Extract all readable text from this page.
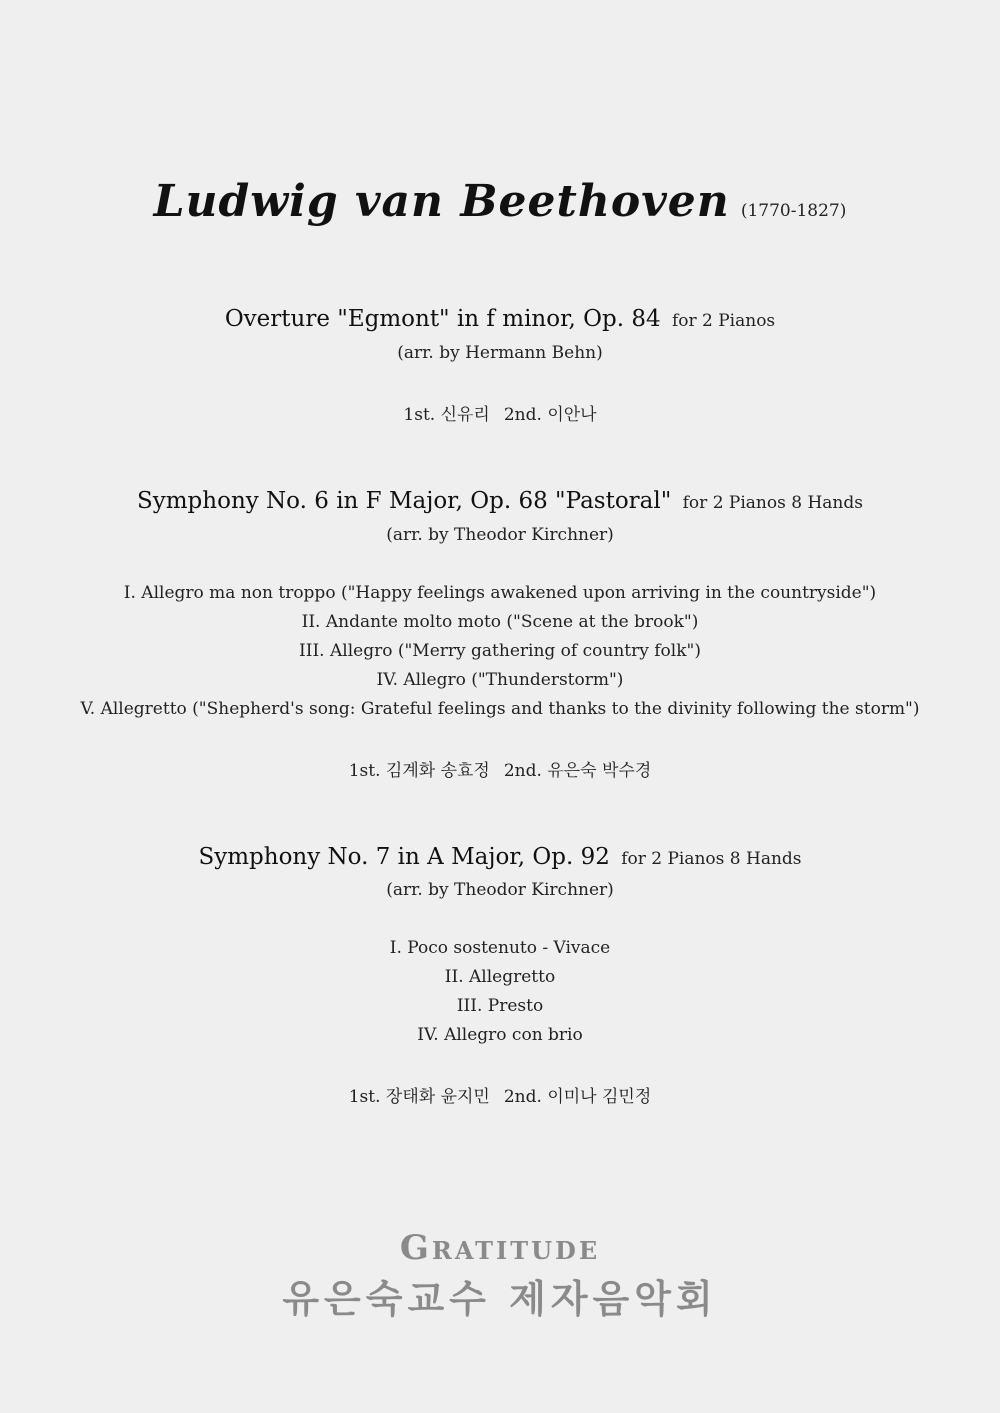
Ludwig van Beethoven (1770-1827)
Overture "Egmont" in f minor, Op. 84 for 2 Pianos
(arr. by Hermann Behn)
1st. 신유리 2nd. 이안나
Symphony No. 6 in F Major, Op. 68 "Pastoral" for 2 Pianos 8 Hands
(arr. by Theodor Kirchner)
I. Allegro ma non troppo ("Happy feelings awakened upon arriving in the countryside")
II. Andante molto moto ("Scene at the brook")
III. Allegro ("Merry gathering of country folk")
IV. Allegro ("Thunderstorm")
V. Allegretto ("Shepherd's song: Grateful feelings and thanks to the divinity following the storm")
1st. 김계화 송효정 2nd. 유은숙 박수경
Symphony No. 7 in A Major, Op. 92 for 2 Pianos 8 Hands
(arr. by Theodor Kirchner)
I. Poco sostenuto - Vivace
II. Allegretto
III. Presto
IV. Allegro con brio
1st. 장태화 윤지민 2nd. 이미나 김민정
Gratitude
유은숙교수 제자음악회
